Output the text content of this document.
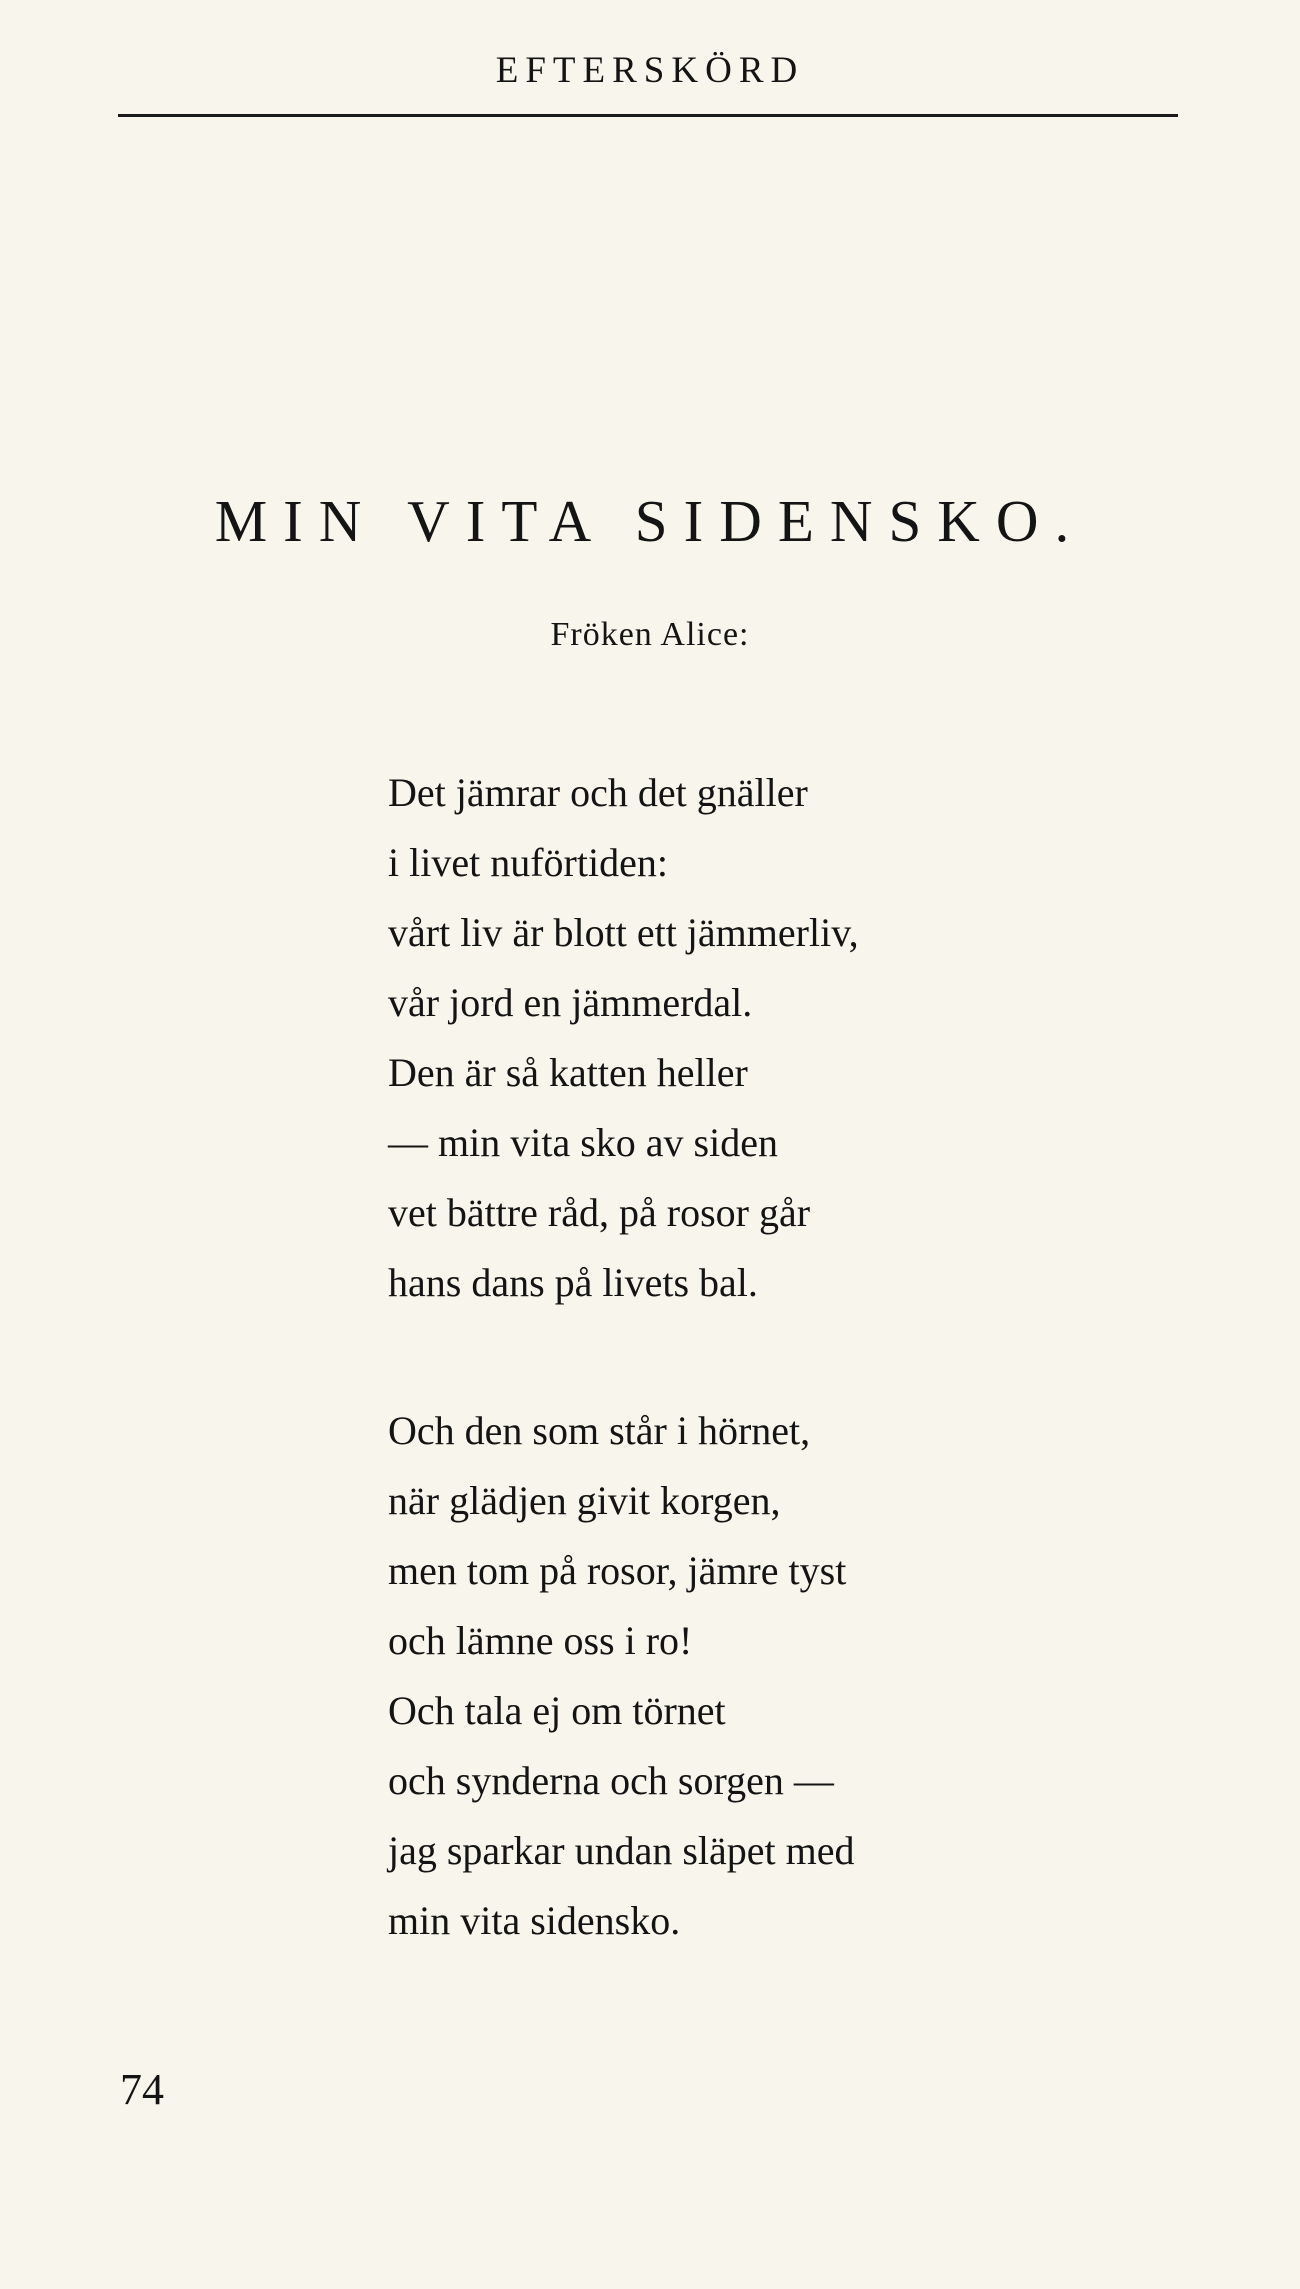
EFTERSKÖRD
MIN VITA SIDENSKO.
Fröken Alice:
Det jämrar och det gnäller
i livet nuförtiden:
vårt liv är blott ett jämmerliv,
vår jord en jämmerdal.
Den är så katten heller
— min vita sko av siden
vet bättre råd, på rosor går
hans dans på livets bal.
Och den som står i hörnet,
när glädjen givit korgen,
men tom på rosor, jämre tyst
och lämne oss i ro!
Och tala ej om törnet
och synderna och sorgen —
jag sparkar undan släpet med
min vita sidensko.
74
